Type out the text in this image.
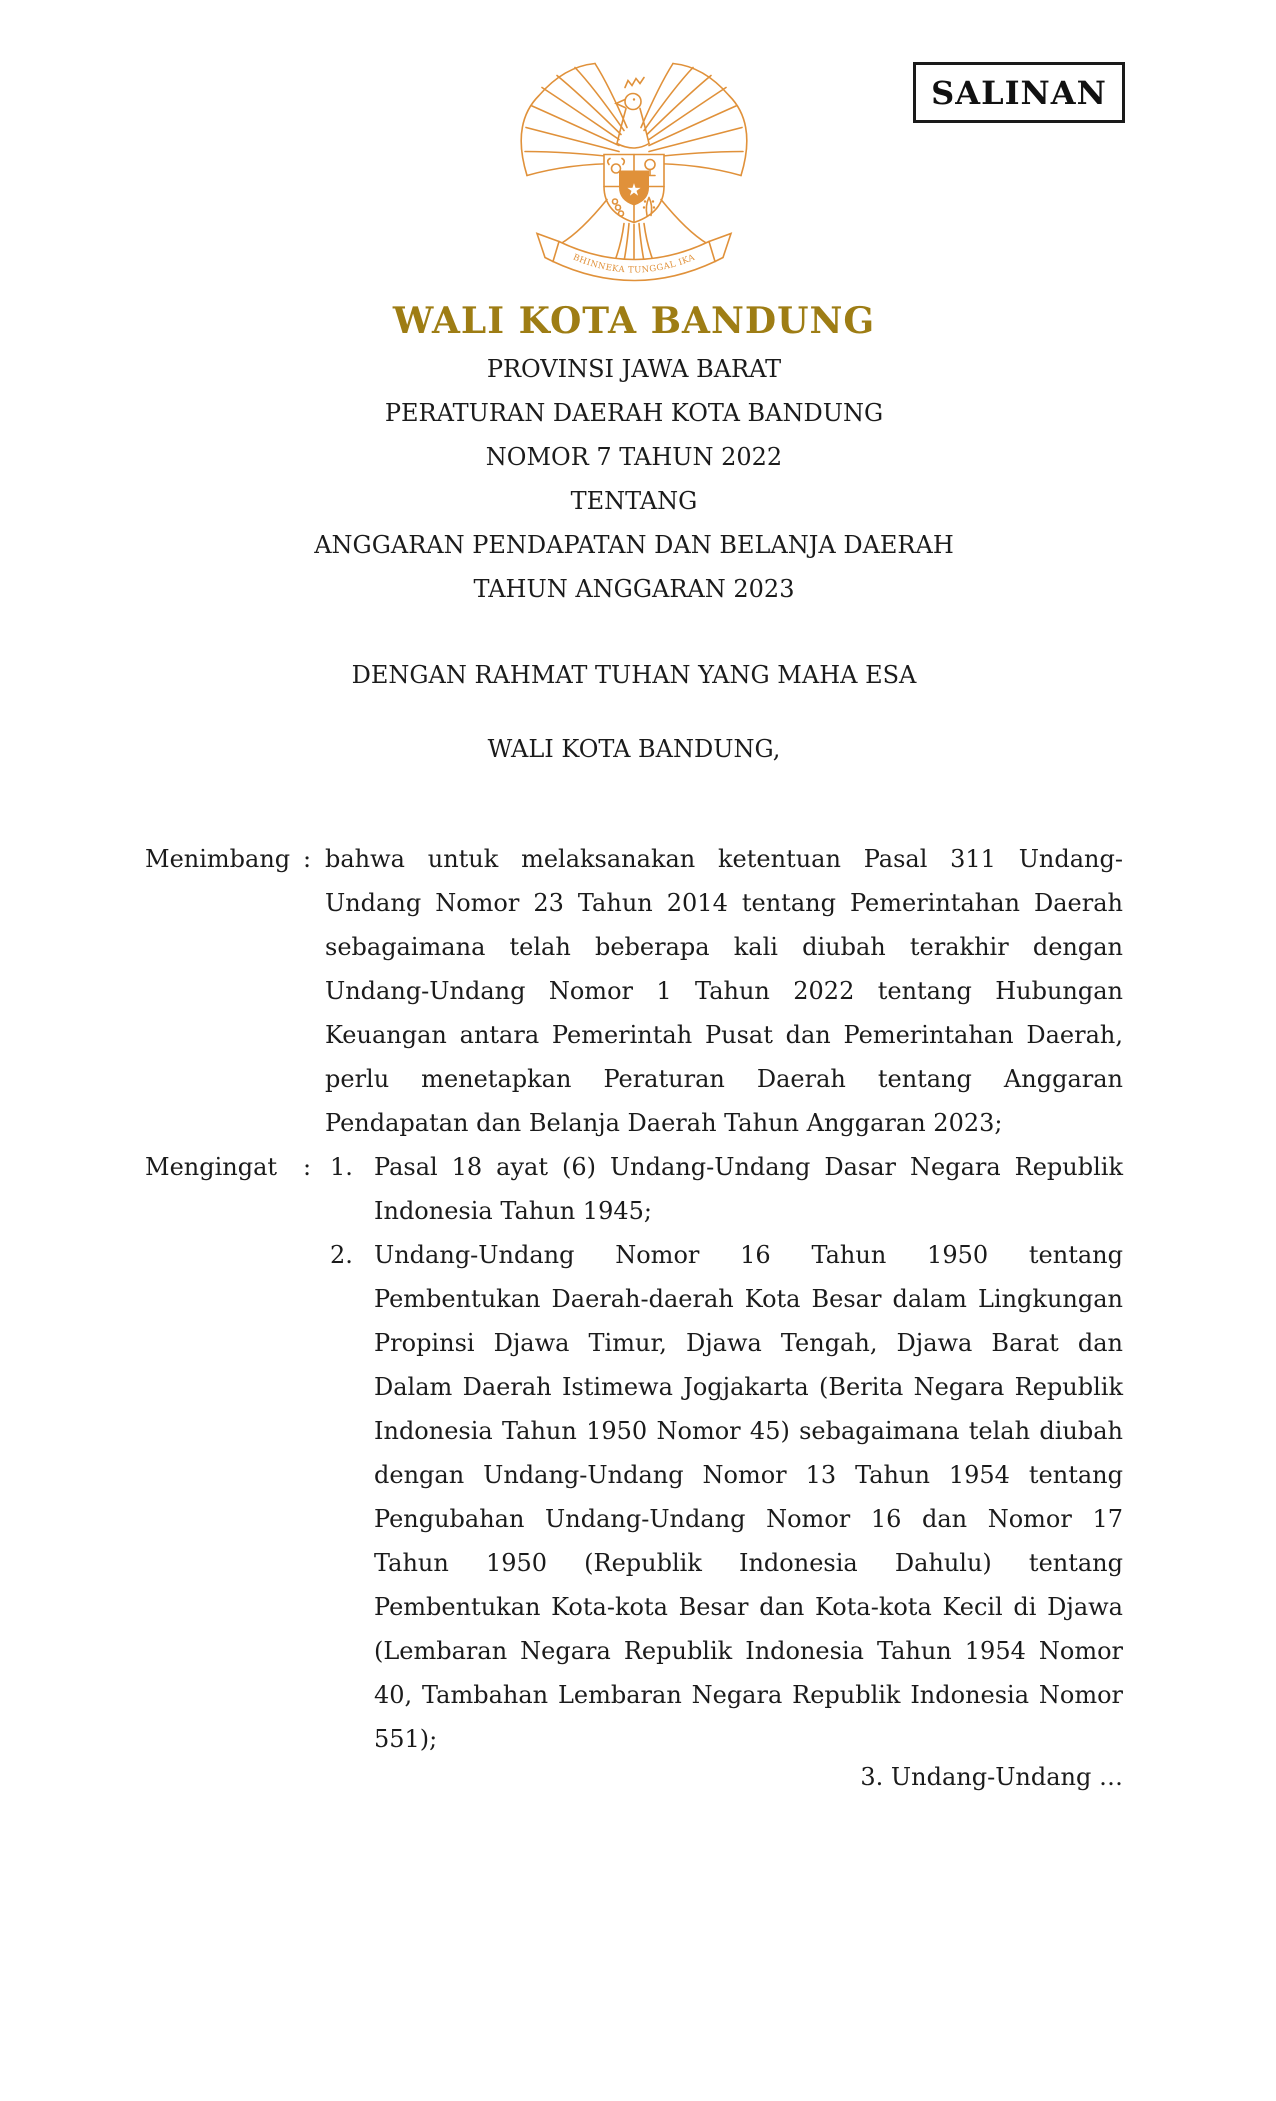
SALINAN
★
BHINNEKA TUNGGAL IKA
WALI KOTA BANDUNG
PROVINSI JAWA BARAT
PERATURAN DAERAH KOTA BANDUNG
NOMOR 7 TAHUN 2022
TENTANG
ANGGARAN PENDAPATAN DAN BELANJA DAERAH
TAHUN ANGGARAN 2023
DENGAN RAHMAT TUHAN YANG MAHA ESA
WALI KOTA BANDUNG,
Menimbang : bahwa untuk melaksanakan ketentuan Pasal 311 Undang-Undang Nomor 23 Tahun 2014 tentang Pemerintahan Daerah sebagaimana telah beberapa kali diubah terakhir dengan Undang-Undang Nomor 1 Tahun 2022 tentang Hubungan Keuangan antara Pemerintah Pusat dan Pemerintahan Daerah, perlu menetapkan Peraturan Daerah tentang Anggaran Pendapatan dan Belanja Daerah Tahun Anggaran 2023;
Mengingat	: 1. Pasal 18 ayat (6) Undang-Undang Dasar Negara Republik Indonesia Tahun 1945;
2. Undang-Undang Nomor 16 Tahun 1950 tentang Pembentukan Daerah-daerah Kota Besar dalam Lingkungan Propinsi Djawa Timur, Djawa Tengah, Djawa Barat dan Dalam Daerah Istimewa Jogjakarta (Berita Negara Republik Indonesia Tahun 1950 Nomor 45) sebagaimana telah diubah dengan Undang-Undang Nomor 13 Tahun 1954 tentang Pengubahan Undang-Undang Nomor 16 dan Nomor 17 Tahun 1950 (Republik Indonesia Dahulu) tentang Pembentukan Kota-kota Besar dan Kota-kota Kecil di Djawa (Lembaran Negara Republik Indonesia Tahun 1954 Nomor 40, Tambahan Lembaran Negara Republik Indonesia Nomor 551);
3. Undang-Undang …
